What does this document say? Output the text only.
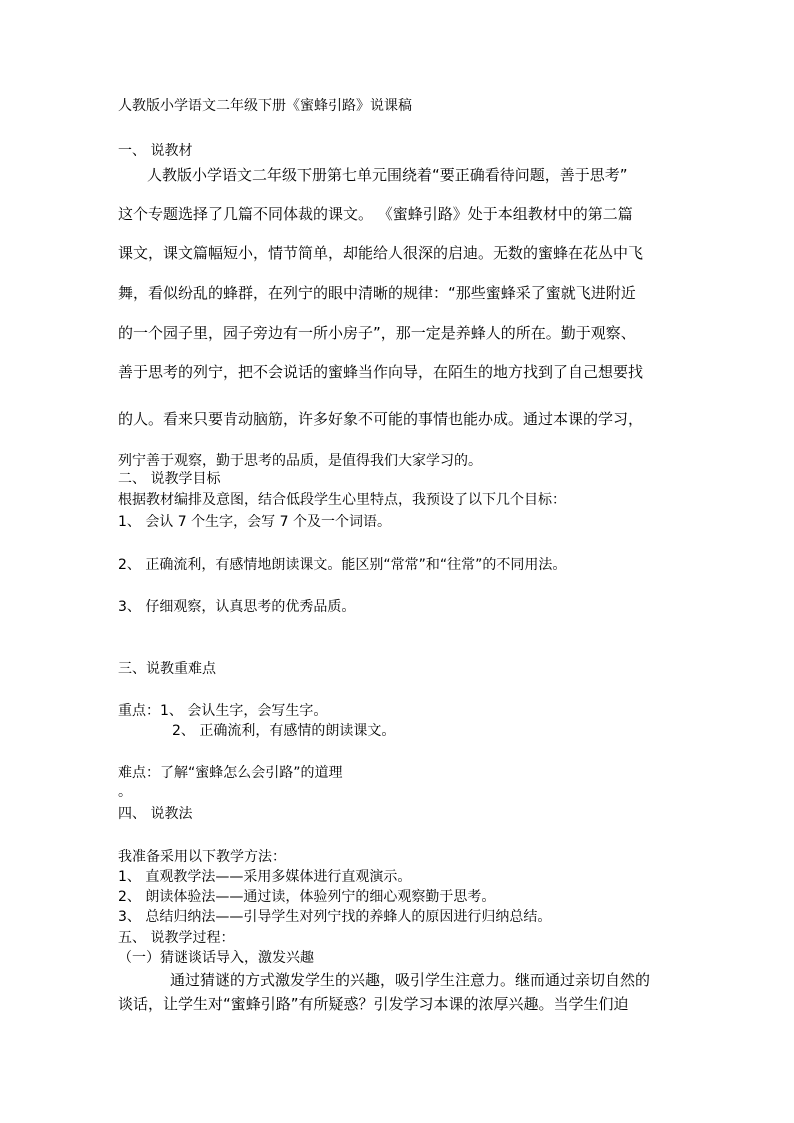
人教版小学语文二年级下册《蜜蜂引路》说课稿
一、 说教材
人教版小学语文二年级下册第七单元围绕着“要正确看待问题，善于思考”
这个专题选择了几篇不同体裁的课文。 《蜜蜂引路》处于本组教材中的第二篇
课文，课文篇幅短小，情节简单，却能给人很深的启迪。无数的蜜蜂在花丛中飞
舞，看似纷乱的蜂群，在列宁的眼中清晰的规律：“那些蜜蜂采了蜜就飞进附近
的一个园子里，园子旁边有一所小房子”，那一定是养蜂人的所在。勤于观察、
善于思考的列宁，把不会说话的蜜蜂当作向导，在陌生的地方找到了自己想要找
的人。看来只要肯动脑筋，许多好象不可能的事情也能办成。通过本课的学习，
列宁善于观察，勤于思考的品质，是值得我们大家学习的。
二、 说教学目标
根据教材编排及意图，结合低段学生心里特点，我预设了以下几个目标：
1、 会认 7 个生字，会写 7 个及一个词语。
2、 正确流利，有感情地朗读课文。能区别“常常”和“往常”的不同用法。
3、 仔细观察，认真思考的优秀品质。
三、说教重难点
重点：1、 会认生字，会写生字。
2、 正确流利，有感情的朗读课文。
难点：了解“蜜蜂怎么会引路”的道理
。
四、 说教法
我准备采用以下教学方法：
1、 直观教学法——采用多媒体进行直观演示。
2、 朗读体验法——通过读，体验列宁的细心观察勤于思考。
3、 总结归纳法——引导学生对列宁找的养蜂人的原因进行归纳总结。
五、 说教学过程：
（一）猜谜谈话导入，激发兴趣
通过猜谜的方式激发学生的兴趣，吸引学生注意力。继而通过亲切自然的
谈话，让学生对“蜜蜂引路”有所疑惑？引发学习本课的浓厚兴趣。当学生们迫
